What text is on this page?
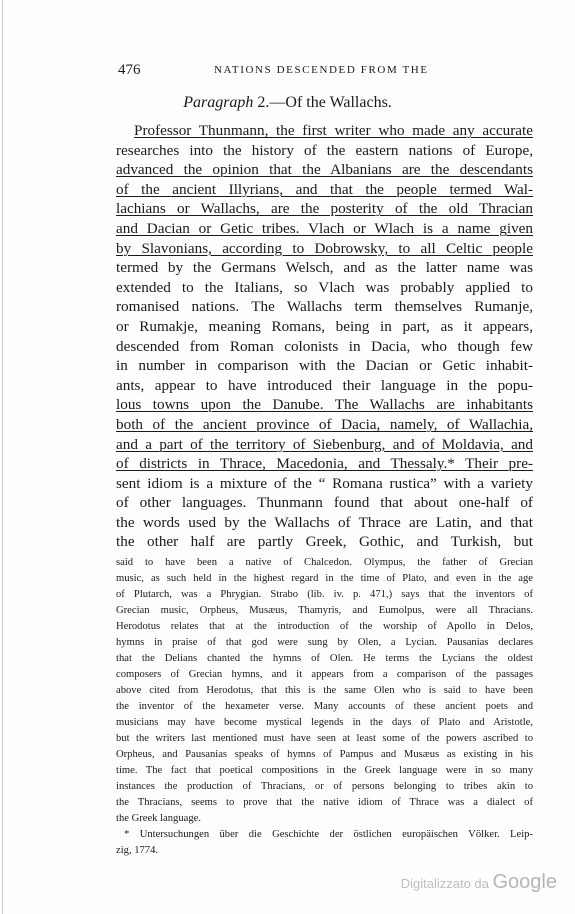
476	NATIONS DESCENDED FROM THE
Paragraph 2.—Of the Wallachs.
Professor Thunmann, the first writer who made any accurate
researches into the history of the eastern nations of Europe,
advanced the opinion that the Albanians are the descendants
of the ancient Illyrians, and that the people termed Wal-
lachians or Wallachs, are the posterity of the old Thracian
and Dacian or Getic tribes. Vlach or Wlach is a name given
by Slavonians, according to Dobrowsky, to all Celtic people
termed by the Germans Welsch, and as the latter name was
extended to the Italians, so Vlach was probably applied to
romanised nations. The Wallachs term themselves Rumanje,
or Rumakje, meaning Romans, being in part, as it appears,
descended from Roman colonists in Dacia, who though few
in number in comparison with the Dacian or Getic inhabit-
ants, appear to have introduced their language in the popu-
lous towns upon the Danube. The Wallachs are inhabitants
both of the ancient province of Dacia, namely, of Wallachia,
and a part of the territory of Siebenburg, and of Moldavia, and
of districts in Thrace, Macedonia, and Thessaly.* Their pre-
sent idiom is a mixture of the “ Romana rustica” with a variety
of other languages. Thunmann found that about one-half of
the words used by the Wallachs of Thrace are Latin, and that
the other half are partly Greek, Gothic, and Turkish, but
said to have been a native of Chalcedon. Olympus, the father of Grecian
music, as such held in the highest regard in the time of Plato, and even in the age
of Plutarch, was a Phrygian. Strabo (lib. iv. p. 471,) says that the inventors of
Grecian music, Orpheus, Musæus, Thamyris, and Eumolpus, were all Thracians.
Herodotus relates that at the introduction of the worship of Apollo in Delos,
hymns in praise of that god were sung by Olen, a Lycian. Pausanias declares
that the Delians chanted the hymns of Olen. He terms the Lycians the oldest
composers of Grecian hymns, and it appears from a comparison of the passages
above cited from Herodotus, that this is the same Olen who is said to have been
the inventor of the hexameter verse. Many accounts of these ancient poets and
musicians may have become mystical legends in the days of Plato and Aristotle,
but the writers last mentioned must have seen at least some of the powers ascribed to
Orpheus, and Pausanias speaks of hymns of Pampus and Musæus as existing in his
time. The fact that poetical compositions in the Greek language were in so many
instances the production of Thracians, or of persons belonging to tribes akin to
the Thracians, seems to prove that the native idiom of Thrace was a dialect of
the Greek language.
* Untersuchungen über die Geschichte der östlichen europäischen Völker. Leip-
zig, 1774.
Digitalizzato da Google
